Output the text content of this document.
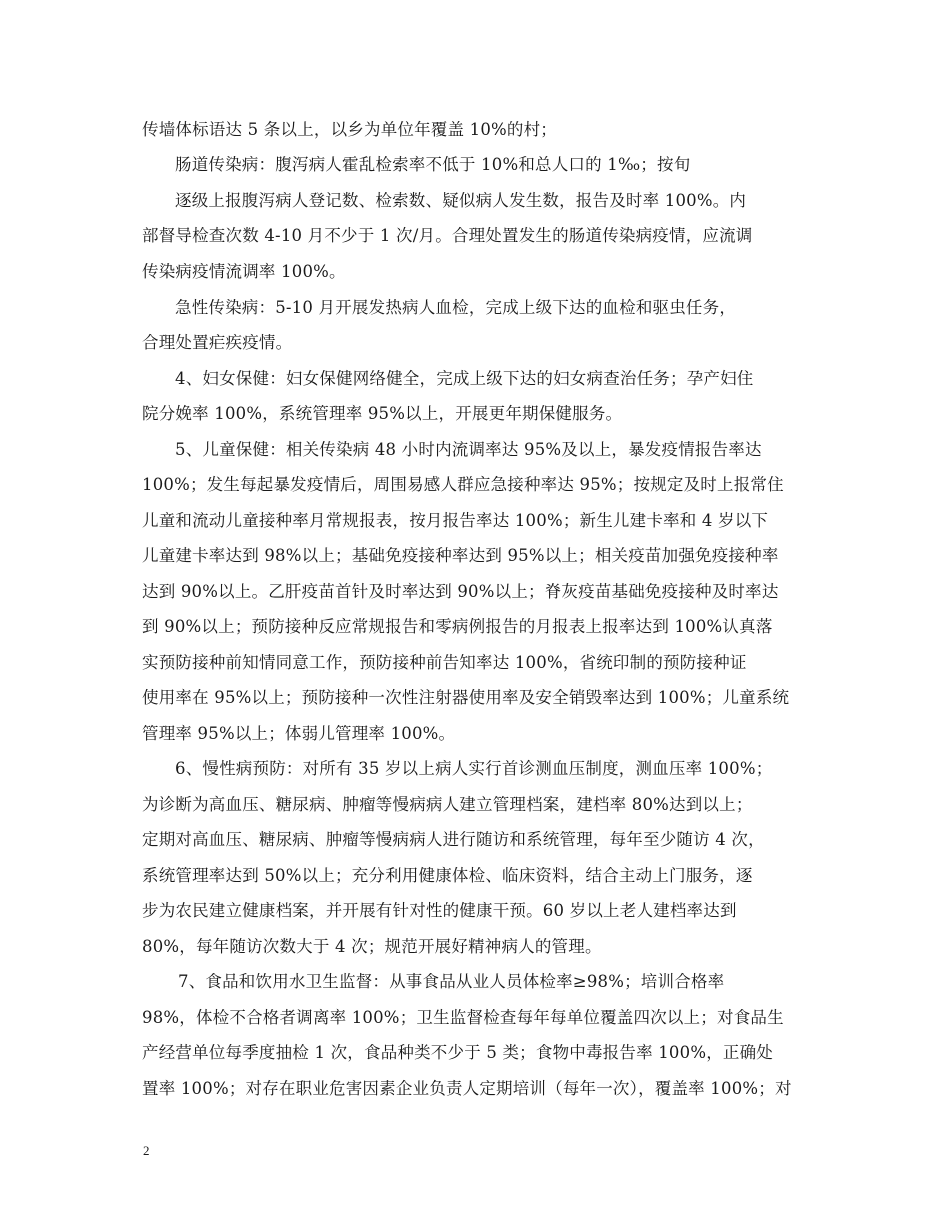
传墙体标语达 5 条以上，以乡为单位年覆盖 10%的村；
肠道传染病：腹泻病人霍乱检索率不低于 10%和总人口的 1‰；按旬
逐级上报腹泻病人登记数、检索数、疑似病人发生数，报告及时率 100%。内
部督导检查次数 4-10 月不少于 1 次/月。合理处置发生的肠道传染病疫情，应流调
传染病疫情流调率 100%。
急性传染病：5-10 月开展发热病人血检，完成上级下达的血检和驱虫任务，
合理处置疟疾疫情。
4、妇女保健：妇女保健网络健全，完成上级下达的妇女病查治任务；孕产妇住
院分娩率 100%，系统管理率 95%以上，开展更年期保健服务。
5、儿童保健：相关传染病 48 小时内流调率达 95%及以上，暴发疫情报告率达
100%；发生每起暴发疫情后，周围易感人群应急接种率达 95%；按规定及时上报常住
儿童和流动儿童接种率月常规报表，按月报告率达 100%；新生儿建卡率和 4 岁以下
儿童建卡率达到 98%以上；基础免疫接种率达到 95%以上；相关疫苗加强免疫接种率
达到 90%以上。乙肝疫苗首针及时率达到 90%以上；脊灰疫苗基础免疫接种及时率达
到 90%以上；预防接种反应常规报告和零病例报告的月报表上报率达到 100%认真落
实预防接种前知情同意工作，预防接种前告知率达 100%，省统印制的预防接种证
使用率在 95%以上；预防接种一次性注射器使用率及安全销毁率达到 100%；儿童系统
管理率 95%以上；体弱儿管理率 100%。
6、慢性病预防：对所有 35 岁以上病人实行首诊测血压制度，测血压率 100%；
为诊断为高血压、糖尿病、肿瘤等慢病病人建立管理档案，建档率 80%达到以上；
定期对高血压、糖尿病、肿瘤等慢病病人进行随访和系统管理，每年至少随访 4 次，
系统管理率达到 50%以上；充分利用健康体检、临床资料，结合主动上门服务，逐
步为农民建立健康档案，并开展有针对性的健康干预。60 岁以上老人建档率达到
80%，每年随访次数大于 4 次；规范开展好精神病人的管理。
7、食品和饮用水卫生监督：从事食品从业人员体检率≥98%；培训合格率
98%，体检不合格者调离率 100%；卫生监督检查每年每单位覆盖四次以上；对食品生
产经营单位每季度抽检 1 次，食品种类不少于 5 类；食物中毒报告率 100%，正确处
置率 100%；对存在职业危害因素企业负责人定期培训（每年一次），覆盖率 100%；对
2
